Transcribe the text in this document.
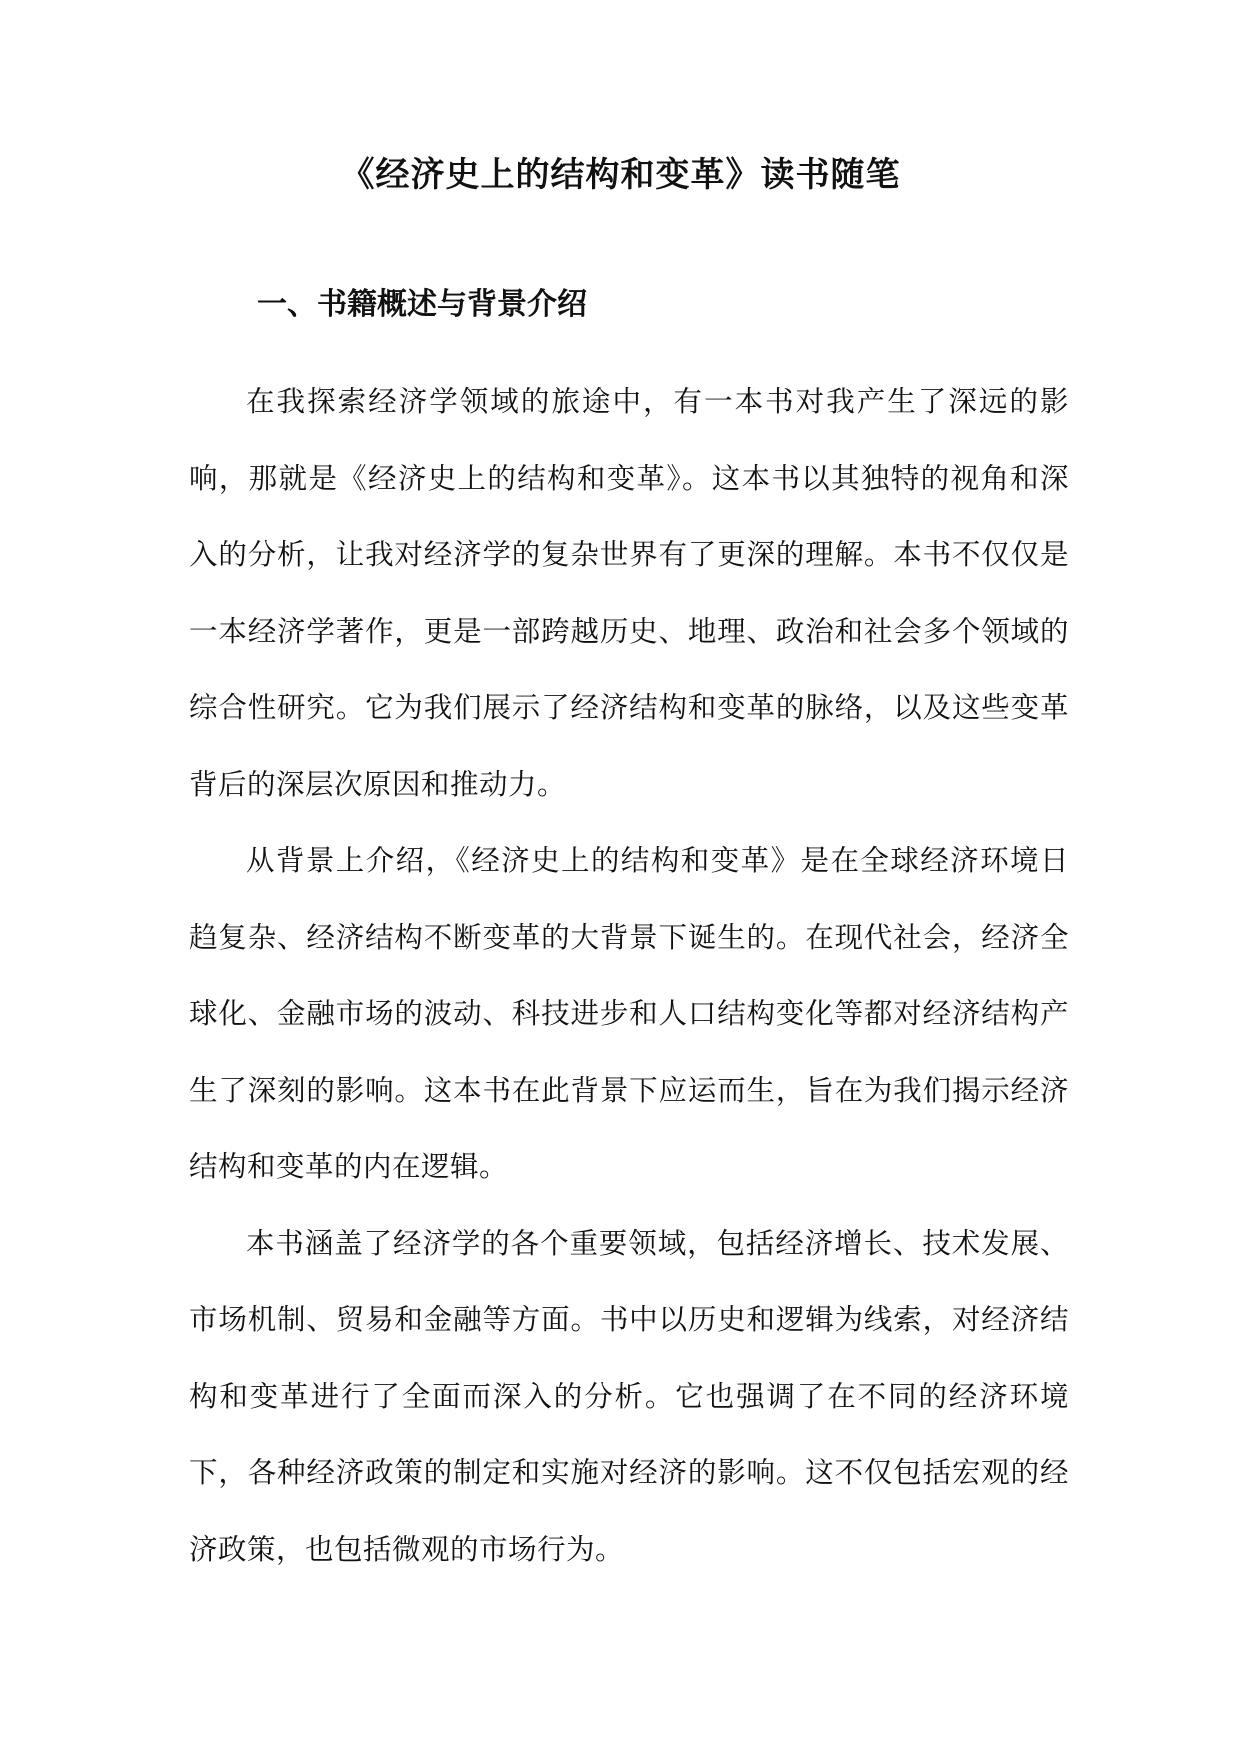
《经济史上的结构和变革》读书随笔
一、书籍概述与背景介绍

在我探索经济学领域的旅途中，有一本书对我产生了深远的影响，那就是《经济史上的结构和变革》。这本书以其独特的视角和深入的分析，让我对经济学的复杂世界有了更深的理解。本书不仅仅是一本经济学著作，更是一部跨越历史、地理、政治和社会多个领域的综合性研究。它为我们展示了经济结构和变革的脉络，以及这些变革背后的深层次原因和推动力。

从背景上介绍，《经济史上的结构和变革》是在全球经济环境日趋复杂、经济结构不断变革的大背景下诞生的。在现代社会，经济全球化、金融市场的波动、科技进步和人口结构变化等都对经济结构产生了深刻的影响。这本书在此背景下应运而生，旨在为我们揭示经济结构和变革的内在逻辑。

本书涵盖了经济学的各个重要领域，包括经济增长、技术发展、市场机制、贸易和金融等方面。书中以历史和逻辑为线索，对经济结构和变革进行了全面而深入的分析。它也强调了在不同的经济环境下，各种经济政策的制定和实施对经济的影响。这不仅包括宏观的经济政策，也包括微观的市场行为。
